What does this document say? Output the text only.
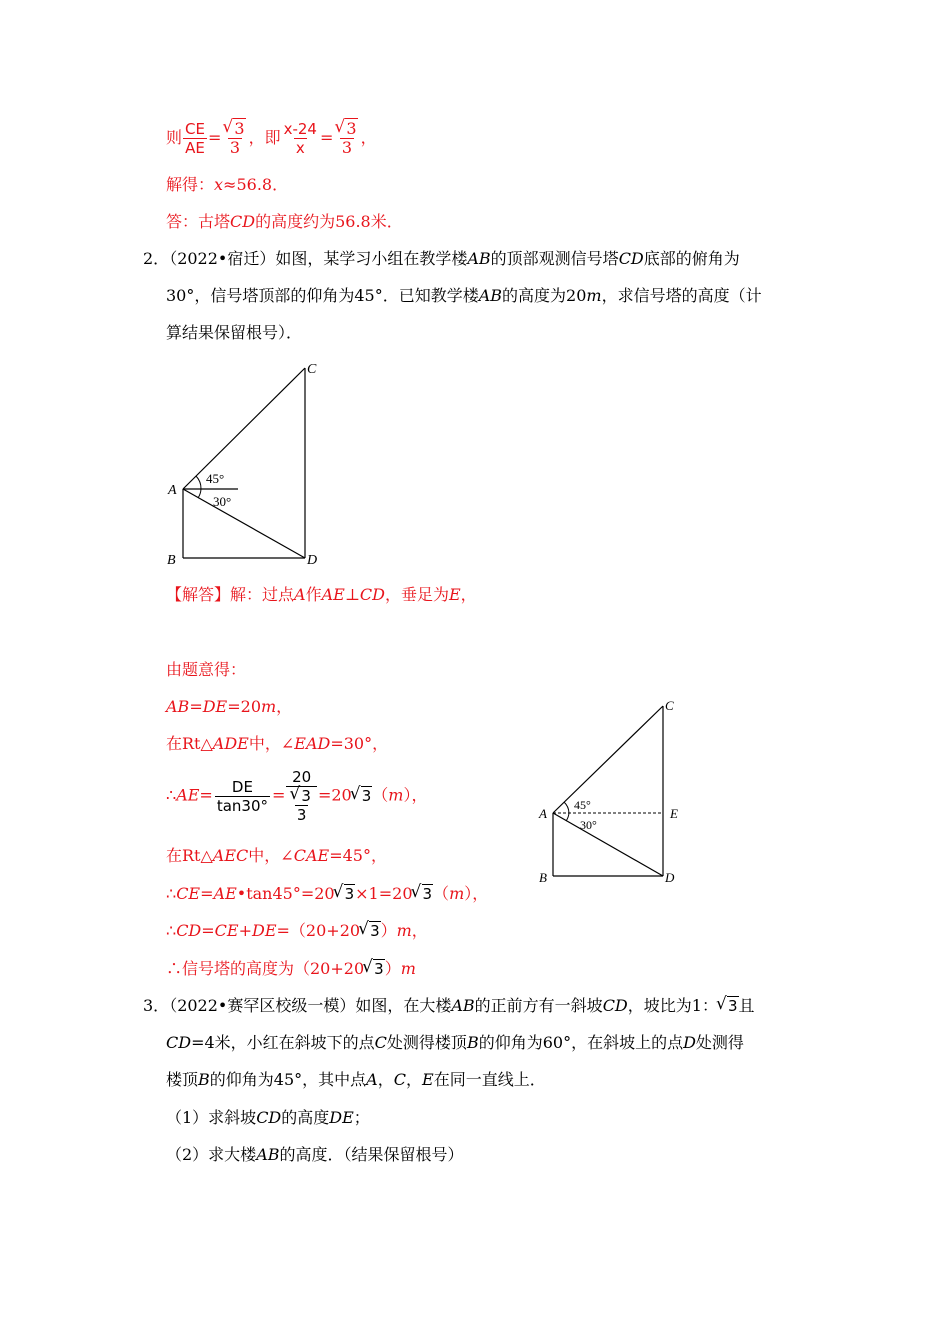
则 $\frac{CE}{AE}$ =
√ $\frac{3}{3}$ ，即 $\frac{x-24}{x}$ =
√ $\frac{3}{3}$ ，
解得：x≈56.8．
答：古塔CD的高度约为56.8米．
2．（2022•宿迁）如图，某学习小组在教学楼AB的顶部观测信号塔CD底部的俯角为
30°，信号塔顶部的仰角为45°．已知教学楼AB的高度为20m，求信号塔的高度（计
算结果保留根号）．
C
A
B	D
45°
30°
【解答】解：过点A作AE⊥CD，垂足为E，
由题意得：
AB=DE=20m，
在Rt△ADE中，∠EAD=30°，
∴AE= $\frac{DE}{\tan 30^\circ} = 20$
√ $\frac{3}{3} =20√$ 3（m），
在Rt△AEC中，∠CAE=45°，
∴CE=AE•tan45°=20√ 3×1=20√ 3（m），
∴CD=CE+DE=（20+20√ 3）m，
∴信号塔的高度为（20+20√ 3）m
C
A
B	D
E
45°
30°
3．（2022•赛罕区校级一模）如图，在大楼AB的正前方有一斜坡CD，坡比为1：√ 3且
CD=4米，小红在斜坡下的点C处测得楼顶B的仰角为60°，在斜坡上的点D处测得
楼顶B的仰角为45°，其中点A，C，E在同一直线上．
（1）求斜坡CD的高度DE；
（2）求大楼AB的高度．（结果保留根号）
